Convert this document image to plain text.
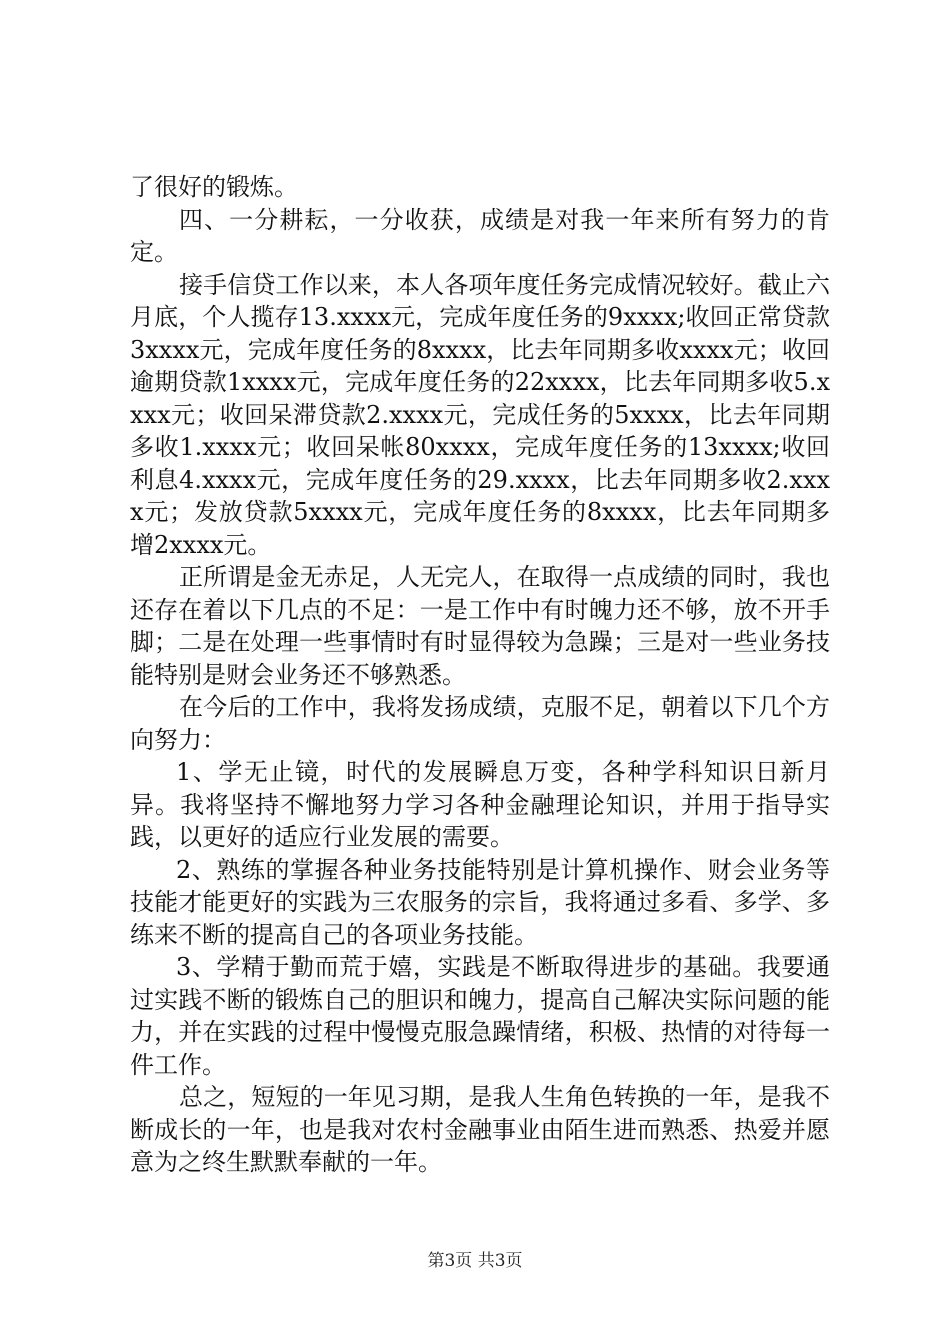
了很好的锻炼。

四、一分耕耘，一分收获，成绩是对我一年来所有努力的肯定。

接手信贷工作以来，本人各项年度任务完成情况较好。截止六月底，个人揽存13.xxxx元，完成年度任务的9xxxx;收回正常贷款3xxxx元，完成年度任务的8xxxx，比去年同期多收xxxx元；收回逾期贷款1xxxx元，完成年度任务的22xxxx，比去年同期多收5.xxxx元；收回呆滞贷款2.xxxx元，完成任务的5xxxx，比去年同期多收1.xxxx元；收回呆帐80xxxx，完成年度任务的13xxxx;收回利息4.xxxx元，完成年度任务的29.xxxx，比去年同期多收2.xxxx元；发放贷款5xxxx元，完成年度任务的8xxxx，比去年同期多增2xxxx元。

正所谓是金无赤足，人无完人，在取得一点成绩的同时，我也还存在着以下几点的不足：一是工作中有时魄力还不够，放不开手脚；二是在处理一些事情时有时显得较为急躁；三是对一些业务技能特别是财会业务还不够熟悉。

在今后的工作中，我将发扬成绩，克服不足，朝着以下几个方向努力：

1、学无止镜，时代的发展瞬息万变，各种学科知识日新月异。我将坚持不懈地努力学习各种金融理论知识，并用于指导实践，以更好的适应行业发展的需要。

2、熟练的掌握各种业务技能特别是计算机操作、财会业务等技能才能更好的实践为三农服务的宗旨，我将通过多看、多学、多练来不断的提高自己的各项业务技能。

3、学精于勤而荒于嬉，实践是不断取得进步的基础。我要通过实践不断的锻炼自己的胆识和魄力，提高自己解决实际问题的能力，并在实践的过程中慢慢克服急躁情绪，积极、热情的对待每一件工作。

总之，短短的一年见习期，是我人生角色转换的一年，是我不断成长的一年，也是我对农村金融事业由陌生进而熟悉、热爱并愿意为之终生默默奉献的一年。

第3页 共3页
